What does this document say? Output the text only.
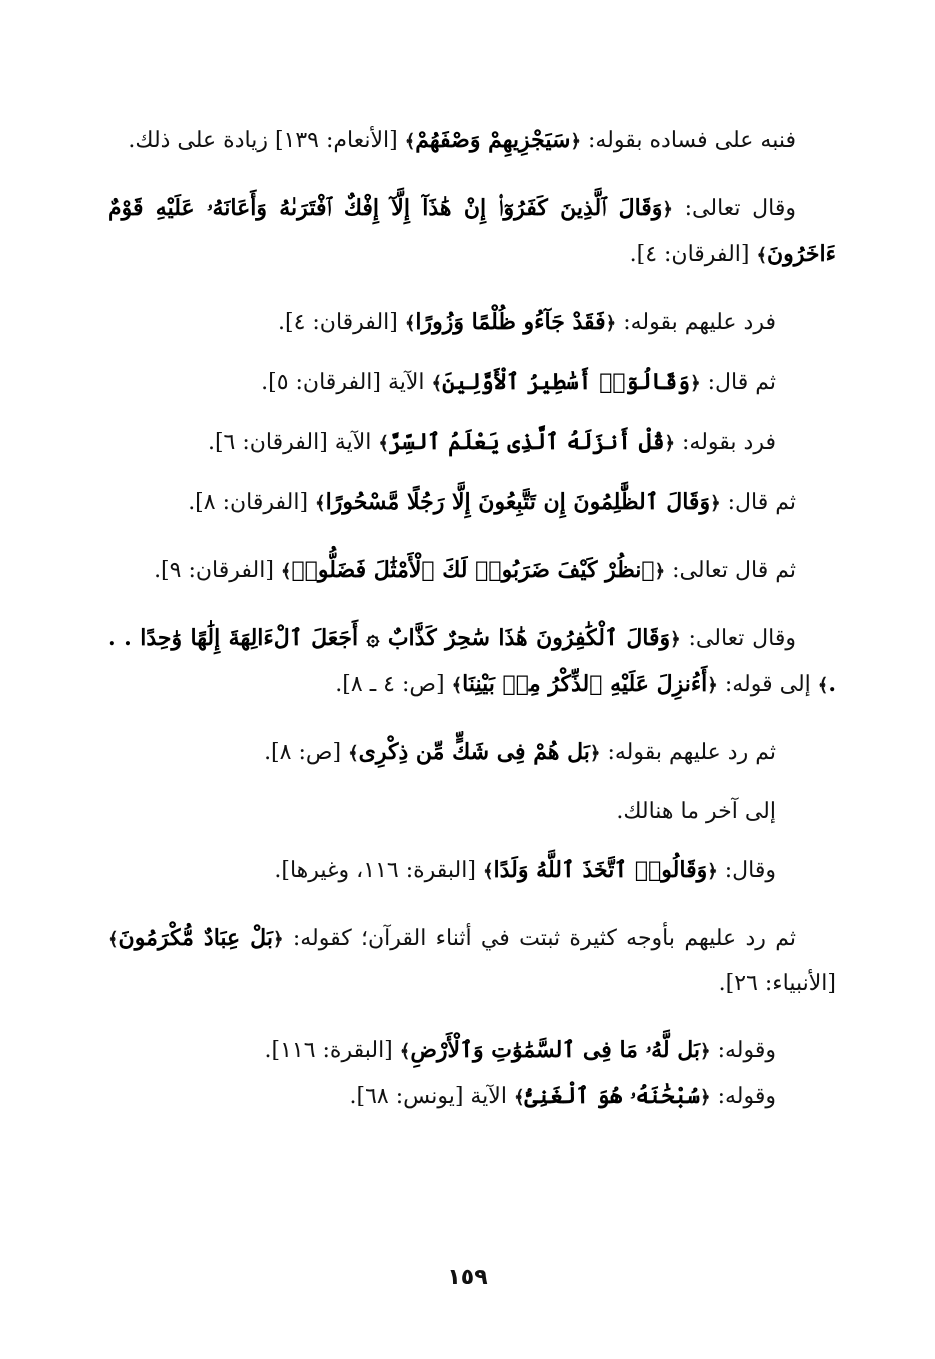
فنبه على فساده بقوله: ﴿سَيَجْزِيهِمْ وَصْفَهُمْ﴾ [الأنعام: ١٣٩] زيادة على ذلك.

وقال تعالى: ﴿وَقَالَ ٱلَّذِينَ كَفَرُوٓا۟ إِنْ هَٰذَآ إِلَّآ إِفْكٌ ٱفْتَرَىٰهُ وَأَعَانَهُۥ عَلَيْهِ قَوْمٌ ءَاخَرُونَ﴾ [الفرقان: ٤].

فرد عليهم بقوله: ﴿فَقَدْ جَآءُو ظُلْمًا وَزُورًا﴾ [الفرقان: ٤].

ثم قال: ﴿وَقَالُوٓا۟ أَسَٰطِيرُ ٱلْأَوَّلِينَ﴾ الآية [الفرقان: ٥].

فرد بقوله: ﴿قُلْ أَنزَلَهُ ٱلَّذِى يَعْلَمُ ٱلسِّرَّ﴾ الآية [الفرقان: ٦].

ثم قال: ﴿وَقَالَ ٱلظَّٰلِمُونَ إِن تَتَّبِعُونَ إِلَّا رَجُلًا مَّسْحُورًا﴾ [الفرقان: ٨].

ثم قال تعالى: ﴿ٱنظُرْ كَيْفَ ضَرَبُوا۟ لَكَ ٱلْأَمْثَٰلَ فَضَلُّوا۟﴾ [الفرقان: ٩].

وقال تعالى: ﴿وَقَالَ ٱلْكَٰفِرُونَ هَٰذَا سَٰحِرٌ كَذَّابٌ ۞ أَجَعَلَ ٱلْءَالِهَةَ إِلَٰهًا وَٰحِدًا . . .﴾ إلى قوله: ﴿أَءُنزِلَ عَلَيْهِ ٱلذِّكْرُ مِنۢ بَيْنِنَا﴾ [ص: ٤ ـ ٨].

ثم رد عليهم بقوله: ﴿بَل هُمْ فِى شَكٍّ مِّن ذِكْرِى﴾ [ص: ٨].

إلى آخر ما هنالك.

وقال: ﴿وَقَالُوا۟ ٱتَّخَذَ ٱللَّهُ وَلَدًا﴾ [البقرة: ١١٦، وغيرها].

ثم رد عليهم بأوجه كثيرة ثبتت في أثناء القرآن؛ كقوله: ﴿بَلْ عِبَادٌ مُّكْرَمُونَ﴾ [الأنبياء: ٢٦].

وقوله: ﴿بَل لَّهُۥ مَا فِى ٱلسَّمَٰوَٰتِ وَٱلْأَرْضِ﴾ [البقرة: ١١٦].

وقوله: ﴿سُبْحَٰنَهُۥ هُوَ ٱلْغَنِىُّ﴾ الآية [يونس: ٦٨].

١٥٩
